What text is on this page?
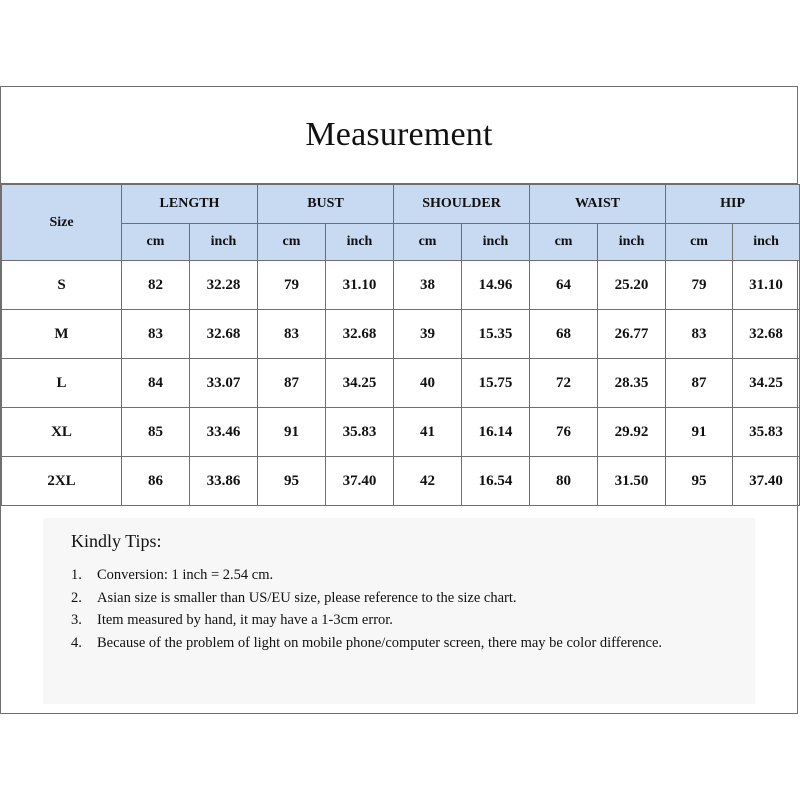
Measurement
Size	LENGTH		BUST		SHOULDER		WAIST		HIP	
	cm	inch	cm	inch	cm	inch	cm	inch	cm	inch
S	82	32.28	79	31.10	38	14.96	64	25.20	79	31.10
M	83	32.68	83	32.68	39	15.35	68	26.77	83	32.68
L	84	33.07	87	34.25	40	15.75	72	28.35	87	34.25
XL	85	33.46	91	35.83	41	16.14	76	29.92	91	35.83
2XL	86	33.86	95	37.40	42	16.54	80	31.50	95	37.40
Kindly Tips:
1.	Conversion: 1 inch = 2.54 cm.
2.	Asian size is smaller than US/EU size, please reference to the size chart.
3.	Item measured by hand, it may have a 1-3cm error.
4.	Because of the problem of light on mobile phone/computer screen, there may be color difference.
